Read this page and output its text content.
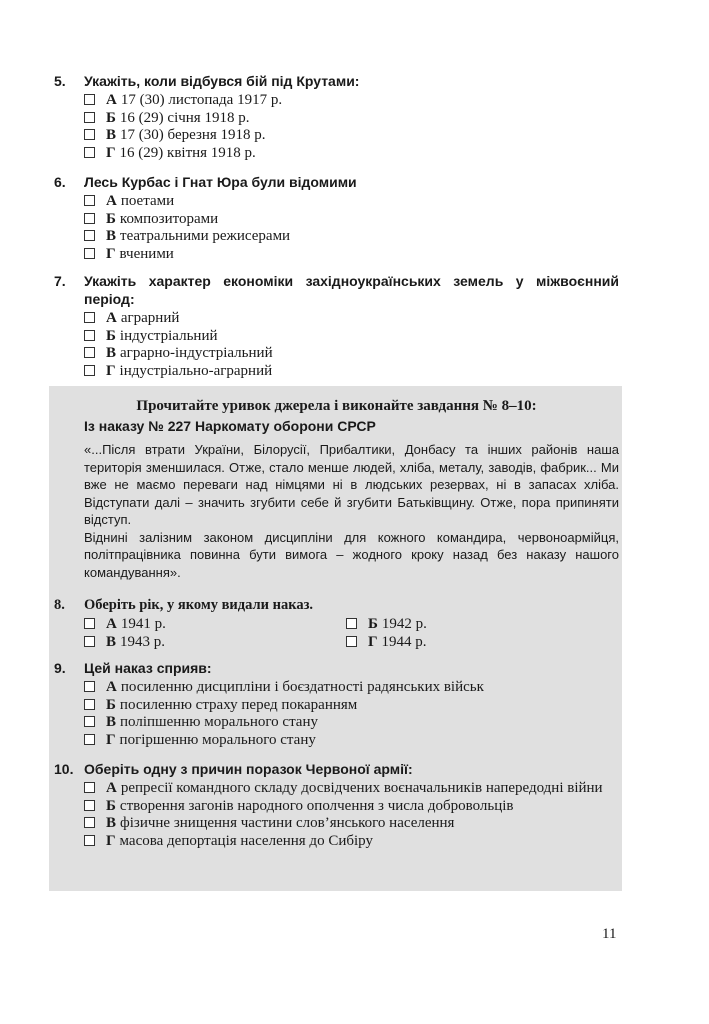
5. Укажіть, коли відбувся бій під Крутами:
А 17 (30) листопада 1917 р.
Б 16 (29) січня 1918 р.
В 17 (30) березня 1918 р.
Г 16 (29) квітня 1918 р.
6. Лесь Курбас і Гнат Юра були відомими
А поетами
Б композиторами
В театральними режисерами
Г вченими
7. Укажіть характер економіки західноукраїнських земель у міжвоєнний період:
А аграрний
Б індустріальний
В аграрно-індустріальний
Г індустріально-аграрний
Прочитайте уривок джерела і виконайте завдання № 8–10:
Із наказу № 227 Наркомату оборони СРСР

«...Після втрати України, Білорусії, Прибалтики, Донбасу та інших районів наша територія зменшилася. Отже, стало менше людей, хліба, металу, заводів, фабрик... Ми вже не маємо переваги над німцями ні в людських резервах, ні в запасах хліба. Відступати далі – значить згубити себе й згубити Батьківщину. Отже, пора припиняти відступ.

Віднині залізним законом дисципліни для кожного командира, червоноармійця, політпрацівника повинна бути вимога – жодного кроку назад без наказу нашого командування».

8. Оберіть рік, у якому видали наказ.
А 1941 р.
В 1943 р.
Б 1942 р.
Г 1944 р.
9. Цей наказ сприяв:
А посиленню дисципліни і боєздатності радянських військ
Б посиленню страху перед покаранням
В поліпшенню морального стану
Г погіршенню морального стану
10. Оберіть одну з причин поразок Червоної армії:
А репресії командного складу досвідчених воєначальників напередодні війни
Б створення загонів народного ополчення з числа добровольців
В фізичне знищення частини слов’янського населення
Г масова депортація населення до Сибіру
11
